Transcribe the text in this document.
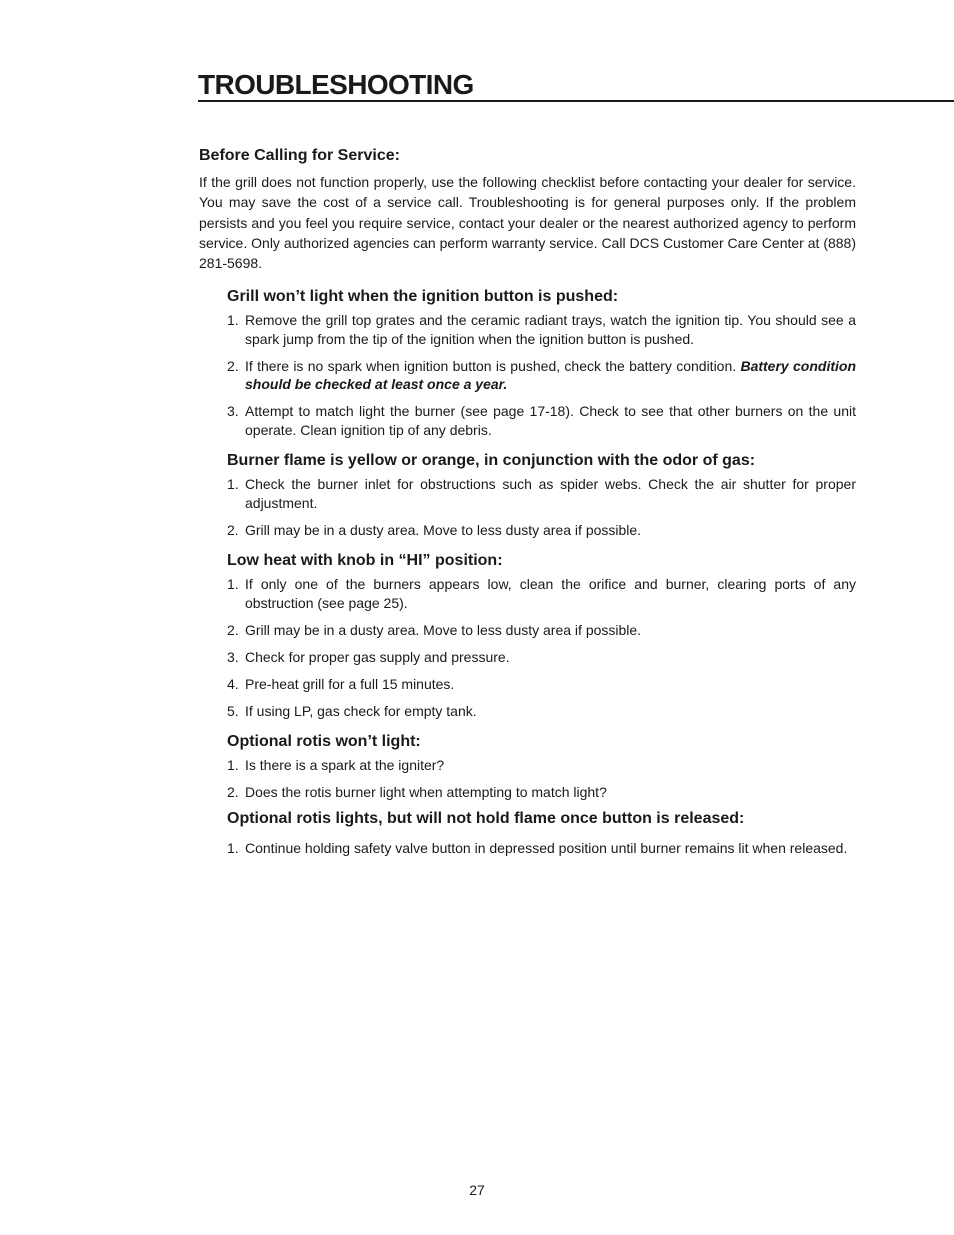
TROUBLESHOOTING
Before Calling for Service:

If the grill does not function properly, use the following checklist before contacting your dealer for service. You may save the cost of a service call. Troubleshooting is for general purposes only. If the problem persists and you feel you require service, contact your dealer or the nearest authorized agency to perform service. Only authorized agencies can perform warranty service. Call DCS Customer Care Center at (888) 281-5698.

Grill won’t light when the ignition button is pushed:
1. Remove the grill top grates and the ceramic radiant trays, watch the ignition tip. You should see a spark jump from the tip of the ignition when the ignition button is pushed.
2. If there is no spark when ignition button is pushed, check the battery condition. Battery condition should be checked at least once a year.
3. Attempt to match light the burner (see page 17-18). Check to see that other burners on the unit operate. Clean ignition tip of any debris.
Burner flame is yellow or orange, in conjunction with the odor of gas:
1. Check the burner inlet for obstructions such as spider webs. Check the air shutter for proper adjustment.
2. Grill may be in a dusty area. Move to less dusty area if possible.
Low heat with knob in “HI” position:
1. If only one of the burners appears low, clean the orifice and burner, clearing ports of any obstruction (see page 25).
2. Grill may be in a dusty area. Move to less dusty area if possible.
3. Check for proper gas supply and pressure.
4. Pre-heat grill for a full 15 minutes.
5. If using LP, gas check for empty tank.
Optional rotis won’t light:
1. Is there is a spark at the igniter?
2. Does the rotis burner light when attempting to match light?
Optional rotis lights, but will not hold flame once button is released:
1. Continue holding safety valve button in depressed position until burner remains lit when released.
27
